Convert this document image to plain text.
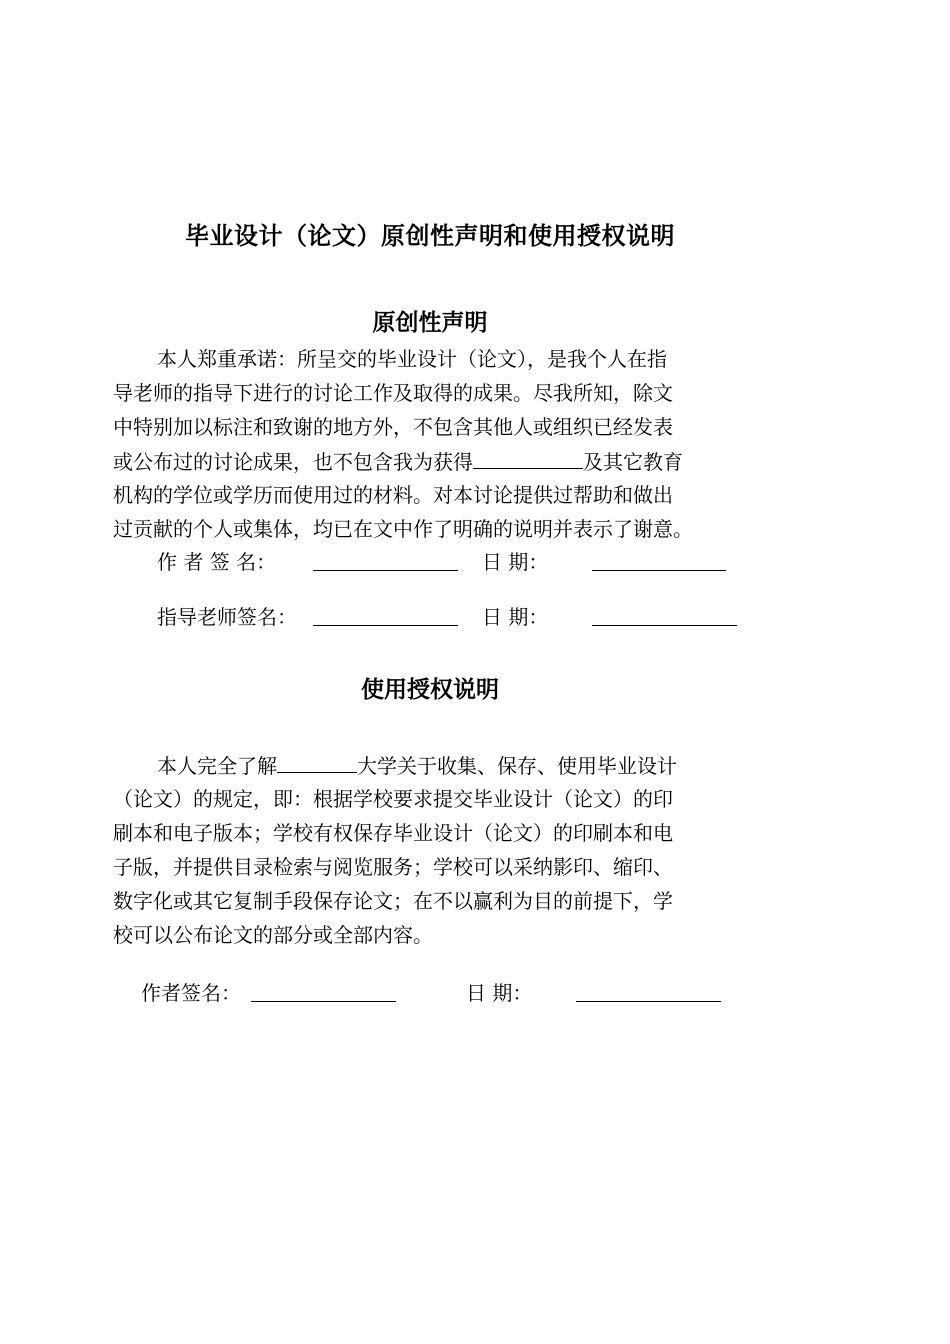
毕业设计（论文）原创性声明和使用授权说明
原创性声明
本人郑重承诺：所呈交的毕业设计（论文），是我个人在指
导老师的指导下进行的讨论工作及取得的成果。尽我所知，除文
中特别加以标注和致谢的地方外，不包含其他人或组织已经发表
或公布过的讨论成果，也不包含我为获得	及其它教育
机构的学位或学历而使用过的材料。对本讨论提供过帮助和做出
过贡献的个人或集体，均已在文中作了明确的说明并表示了谢意。
作 者 签 名：	日 期：
指导老师签名：	日 期：
使用授权说明
本人完全了解	大学关于收集、保存、使用毕业设计
（论文）的规定，即：根据学校要求提交毕业设计（论文）的印
刷本和电子版本；学校有权保存毕业设计（论文）的印刷本和电
子版，并提供目录检索与阅览服务；学校可以采纳影印、缩印、
数字化或其它复制手段保存论文；在不以赢利为目的前提下，学
校可以公布论文的部分或全部内容。
作者签名：	日 期：
